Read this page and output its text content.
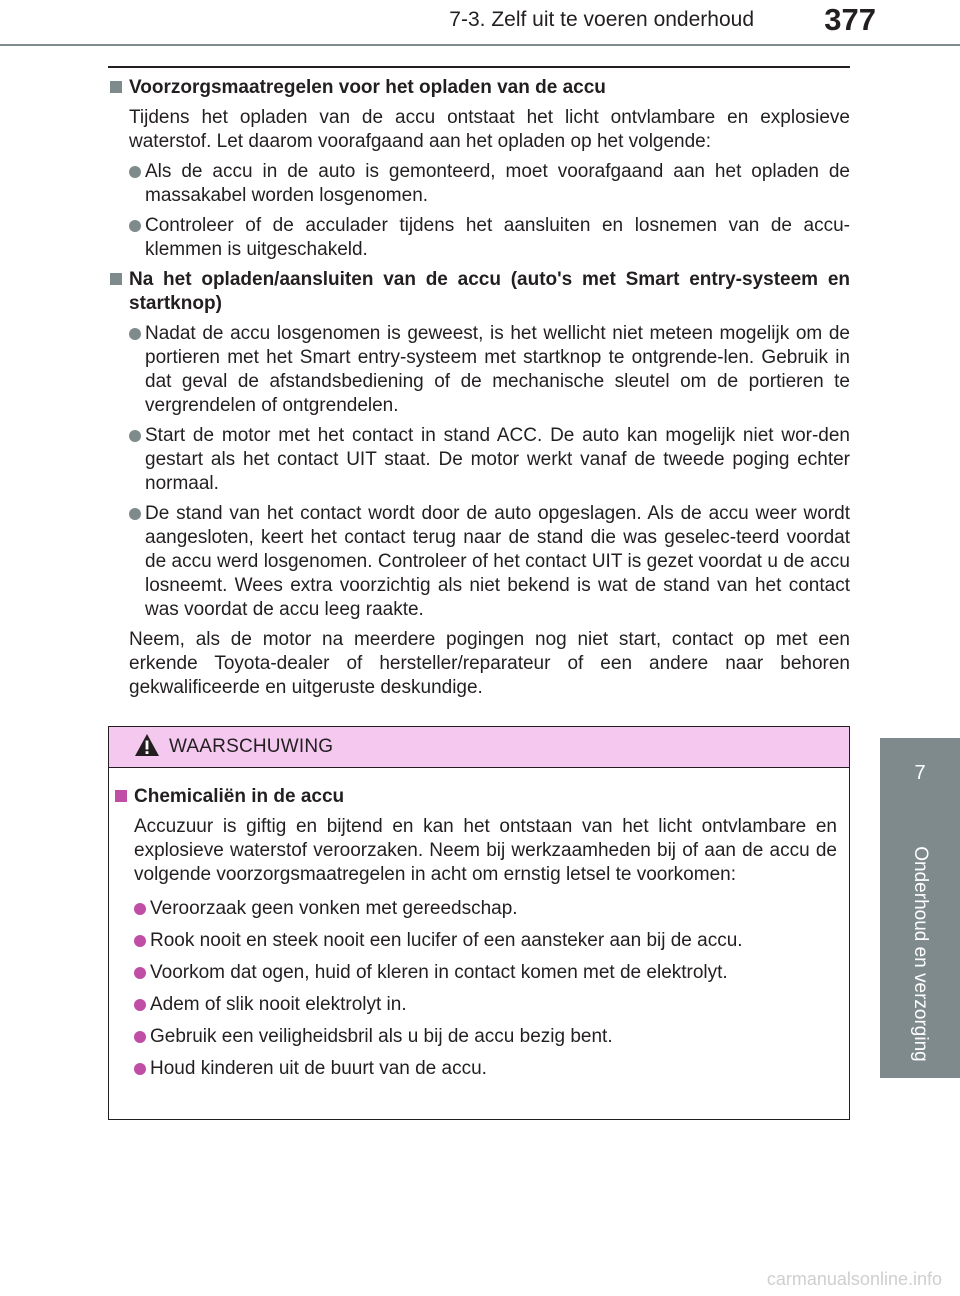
7-3. Zelf uit te voeren onderhoud 377
7
Onderhoud en verzorging
Voorzorgsmaatregelen voor het opladen van de accu

Tijdens het opladen van de accu ontstaat het licht ontvlambare en explosieve waterstof. Let daarom voorafgaand aan het opladen op het volgende:

Als de accu in de auto is gemonteerd, moet voorafgaand aan het opladen de massakabel worden losgenomen.
Controleer of de acculader tijdens het aansluiten en losnemen van de accu-klemmen is uitgeschakeld.
Na het opladen/aansluiten van de accu (auto's met Smart entry-systeem en startknop)
Nadat de accu losgenomen is geweest, is het wellicht niet meteen mogelijk om de portieren met het Smart entry-systeem met startknop te ontgrende-len. Gebruik in dat geval de afstandsbediening of de mechanische sleutel om de portieren te vergrendelen of ontgrendelen.
Start de motor met het contact in stand ACC. De auto kan mogelijk niet wor-den gestart als het contact UIT staat. De motor werkt vanaf de tweede poging echter normaal.
De stand van het contact wordt door de auto opgeslagen. Als de accu weer wordt aangesloten, keert het contact terug naar de stand die was geselec-teerd voordat de accu werd losgenomen. Controleer of het contact UIT is gezet voordat u de accu losneemt. Wees extra voorzichtig als niet bekend is wat de stand van het contact was voordat de accu leeg raakte.

Neem, als de motor na meerdere pogingen nog niet start, contact op met een erkende Toyota-dealer of hersteller/reparateur of een andere naar behoren gekwalificeerde en uitgeruste deskundige.

WAARSCHUWING
Chemicaliën in de accu

Accuzuur is giftig en bijtend en kan het ontstaan van het licht ontvlambare en explosieve waterstof veroorzaken. Neem bij werkzaamheden bij of aan de accu de volgende voorzorgsmaatregelen in acht om ernstig letsel te voorkomen:

Veroorzaak geen vonken met gereedschap.
Rook nooit en steek nooit een lucifer of een aansteker aan bij de accu.
Voorkom dat ogen, huid of kleren in contact komen met de elektrolyt.
Adem of slik nooit elektrolyt in.
Gebruik een veiligheidsbril als u bij de accu bezig bent.
Houd kinderen uit de buurt van de accu.
carmanualsonline.info
